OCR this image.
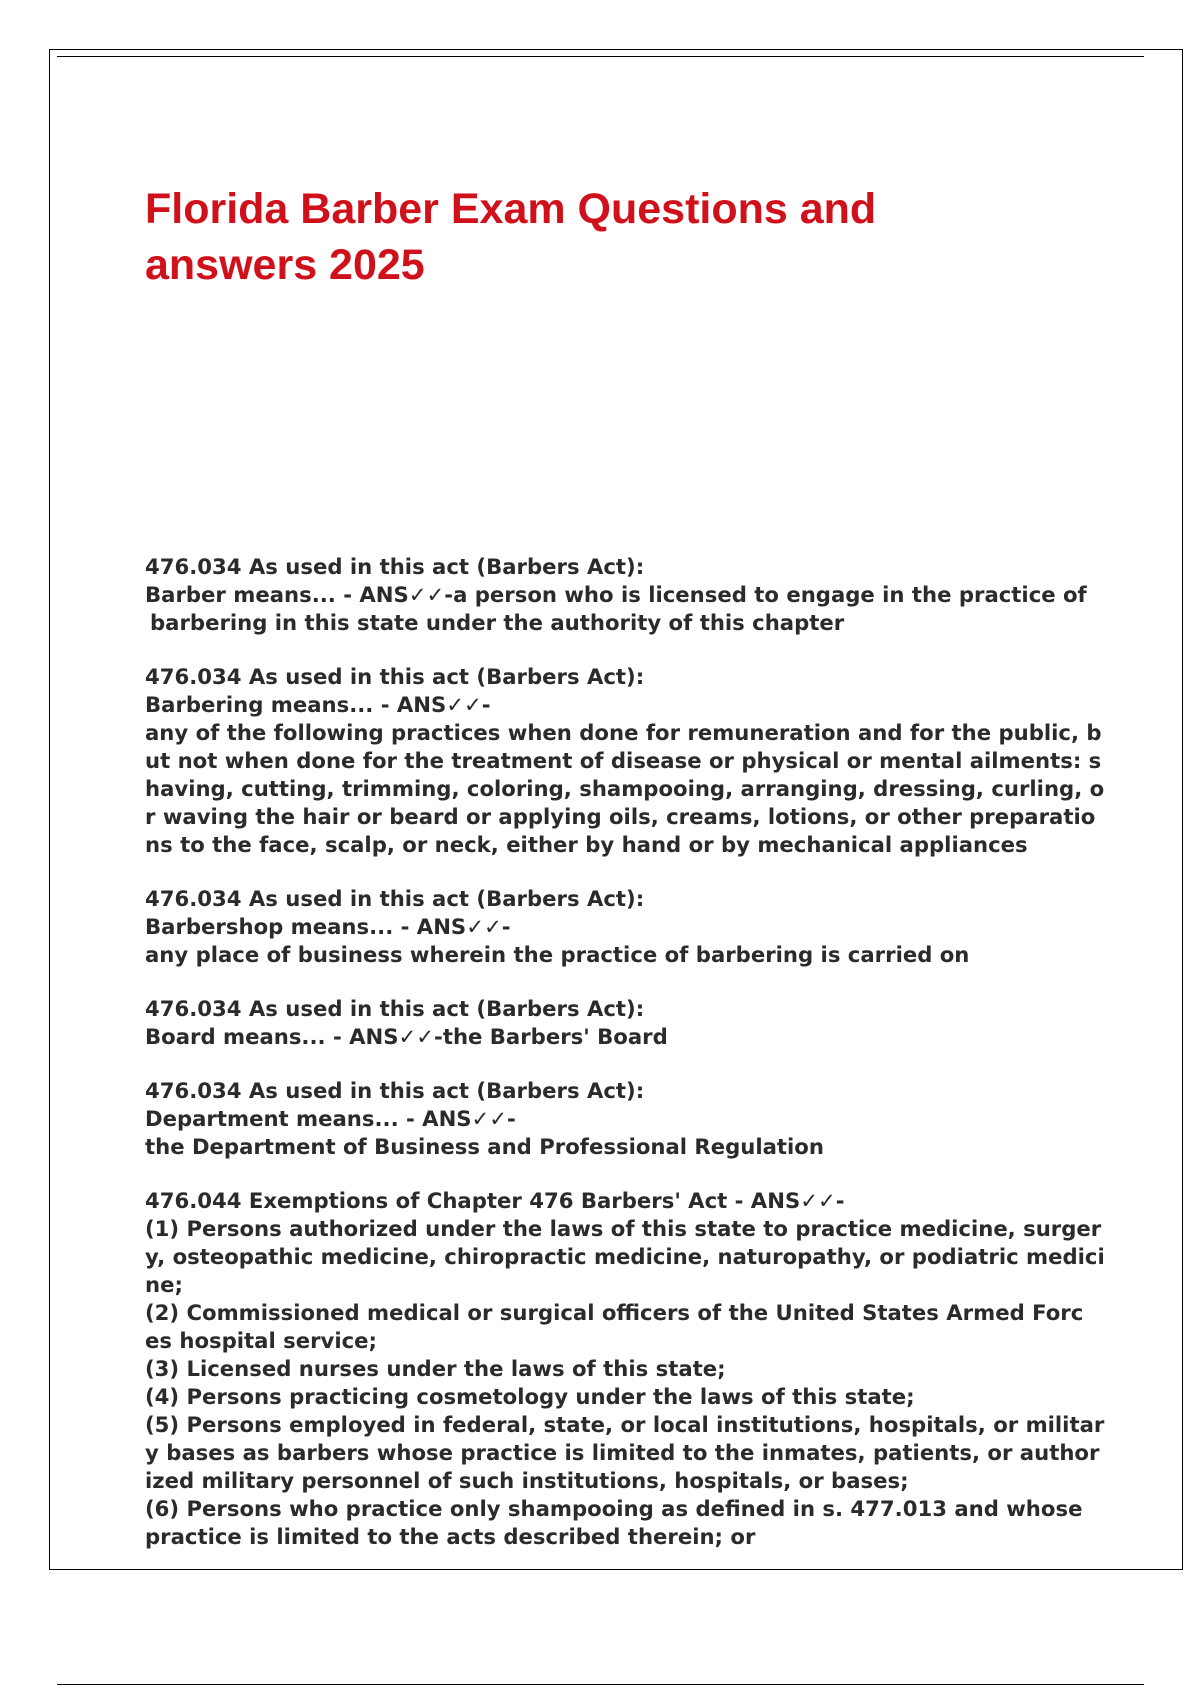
Florida Barber Exam Questions and
answers 2025
476.034 As used in this act (Barbers Act):
Barber means... - ANS✓✓-a person who is licensed to engage in the practice of
barbering in this state under the authority of this chapter
476.034 As used in this act (Barbers Act):
Barbering means... - ANS✓✓-
any of the following practices when done for remuneration and for the public, b
ut not when done for the treatment of disease or physical or mental ailments: s
having, cutting, trimming, coloring, shampooing, arranging, dressing, curling, o
r waving the hair or beard or applying oils, creams, lotions, or other preparatio
ns to the face, scalp, or neck, either by hand or by mechanical appliances
476.034 As used in this act (Barbers Act):
Barbershop means... - ANS✓✓-
any place of business wherein the practice of barbering is carried on
476.034 As used in this act (Barbers Act):
Board means... - ANS✓✓-the Barbers' Board
476.034 As used in this act (Barbers Act):
Department means... - ANS✓✓-
the Department of Business and Professional Regulation
476.044 Exemptions of Chapter 476 Barbers' Act - ANS✓✓-
(1) Persons authorized under the laws of this state to practice medicine, surger
y, osteopathic medicine, chiropractic medicine, naturopathy, or podiatric medici
ne;
(2) Commissioned medical or surgical officers of the United States Armed Forc
es hospital service;
(3) Licensed nurses under the laws of this state;
(4) Persons practicing cosmetology under the laws of this state;
(5) Persons employed in federal, state, or local institutions, hospitals, or militar
y bases as barbers whose practice is limited to the inmates, patients, or author
ized military personnel of such institutions, hospitals, or bases;
(6) Persons who practice only shampooing as defined in s. 477.013 and whose
practice is limited to the acts described therein; or
